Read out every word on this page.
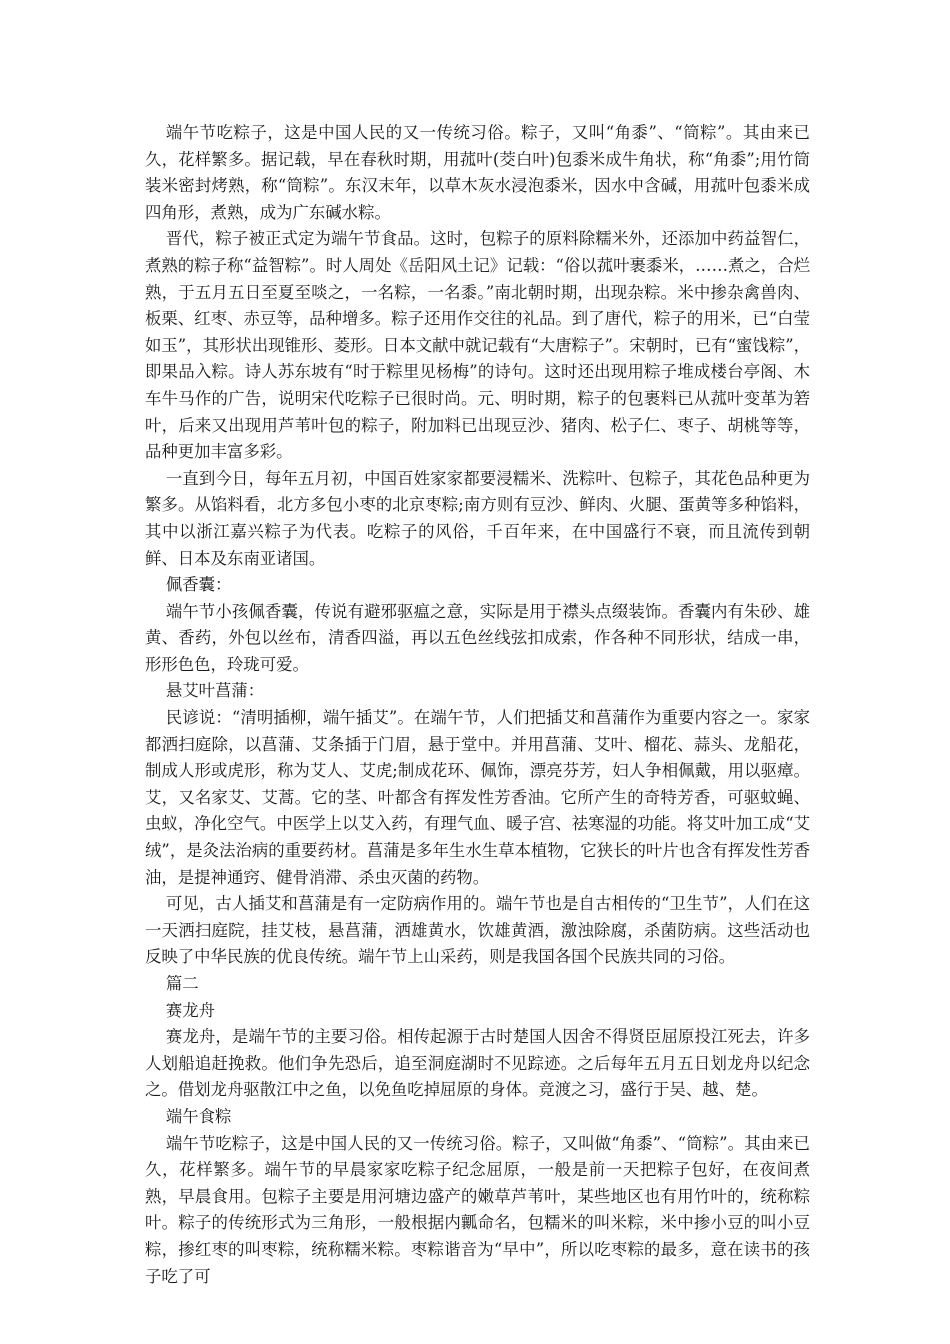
端午节吃粽子，这是中国人民的又一传统习俗。粽子，又叫“角黍”、“筒粽”。其由来已久，花样繁多。据记载，早在春秋时期，用菰叶(茭白叶)包黍米成牛角状，称“角黍”;用竹筒装米密封烤熟，称“筒粽”。东汉末年，以草木灰水浸泡黍米，因水中含碱，用菰叶包黍米成四角形，煮熟，成为广东碱水粽。

晋代，粽子被正式定为端午节食品。这时，包粽子的原料除糯米外，还添加中药益智仁，煮熟的粽子称“益智粽”。时人周处《岳阳风土记》记载：“俗以菰叶裹黍米，……煮之，合烂熟，于五月五日至夏至啖之，一名粽，一名黍。”南北朝时期，出现杂粽。米中掺杂禽兽肉、板栗、红枣、赤豆等，品种增多。粽子还用作交往的礼品。到了唐代，粽子的用米，已“白莹如玉”，其形状出现锥形、菱形。日本文献中就记载有“大唐粽子”。宋朝时，已有“蜜饯粽”，即果品入粽。诗人苏东坡有“时于粽里见杨梅”的诗句。这时还出现用粽子堆成楼台亭阁、木车牛马作的广告，说明宋代吃粽子已很时尚。元、明时期，粽子的包裹料已从菰叶变革为箬叶，后来又出现用芦苇叶包的粽子，附加料已出现豆沙、猪肉、松子仁、枣子、胡桃等等，品种更加丰富多彩。

一直到今日，每年五月初，中国百姓家家都要浸糯米、洗粽叶、包粽子，其花色品种更为繁多。从馅料看，北方多包小枣的北京枣粽;南方则有豆沙、鲜肉、火腿、蛋黄等多种馅料，其中以浙江嘉兴粽子为代表。吃粽子的风俗，千百年来，在中国盛行不衰，而且流传到朝鲜、日本及东南亚诸国。

佩香囊：

端午节小孩佩香囊，传说有避邪驱瘟之意，实际是用于襟头点缀装饰。香囊内有朱砂、雄黄、香药，外包以丝布，清香四溢，再以五色丝线弦扣成索，作各种不同形状，结成一串，形形色色，玲珑可爱。

悬艾叶菖蒲：

民谚说：“清明插柳，端午插艾”。在端午节，人们把插艾和菖蒲作为重要内容之一。家家都洒扫庭除，以菖蒲、艾条插于门眉，悬于堂中。并用菖蒲、艾叶、榴花、蒜头、龙船花，制成人形或虎形，称为艾人、艾虎;制成花环、佩饰，漂亮芬芳，妇人争相佩戴，用以驱瘴。艾，又名家艾、艾蒿。它的茎、叶都含有挥发性芳香油。它所产生的奇特芳香，可驱蚊蝇、虫蚁，净化空气。中医学上以艾入药，有理气血、暖子宫、祛寒湿的功能。将艾叶加工成“艾绒”，是灸法治病的重要药材。菖蒲是多年生水生草本植物，它狭长的叶片也含有挥发性芳香油，是提神通窍、健骨消滞、杀虫灭菌的药物。

可见，古人插艾和菖蒲是有一定防病作用的。端午节也是自古相传的“卫生节”，人们在这一天洒扫庭院，挂艾枝，悬菖蒲，洒雄黄水，饮雄黄酒，激浊除腐，杀菌防病。这些活动也反映了中华民族的优良传统。端午节上山采药，则是我国各国个民族共同的习俗。

篇二

赛龙舟

赛龙舟，是端午节的主要习俗。相传起源于古时楚国人因舍不得贤臣屈原投江死去，许多人划船追赶挽救。他们争先恐后，追至洞庭湖时不见踪迹。之后每年五月五日划龙舟以纪念之。借划龙舟驱散江中之鱼，以免鱼吃掉屈原的身体。竞渡之习，盛行于吴、越、楚。

端午食粽

端午节吃粽子，这是中国人民的又一传统习俗。粽子，又叫做“角黍”、“筒粽”。其由来已久，花样繁多。端午节的早晨家家吃粽子纪念屈原，一般是前一天把粽子包好，在夜间煮熟，早晨食用。包粽子主要是用河塘边盛产的嫩草芦苇叶，某些地区也有用竹叶的，统称粽叶。粽子的传统形式为三角形，一般根据内瓤命名，包糯米的叫米粽，米中掺小豆的叫小豆粽，掺红枣的叫枣粽，统称糯米粽。枣粽谐音为“早中”，所以吃枣粽的最多，意在读书的孩子吃了可
